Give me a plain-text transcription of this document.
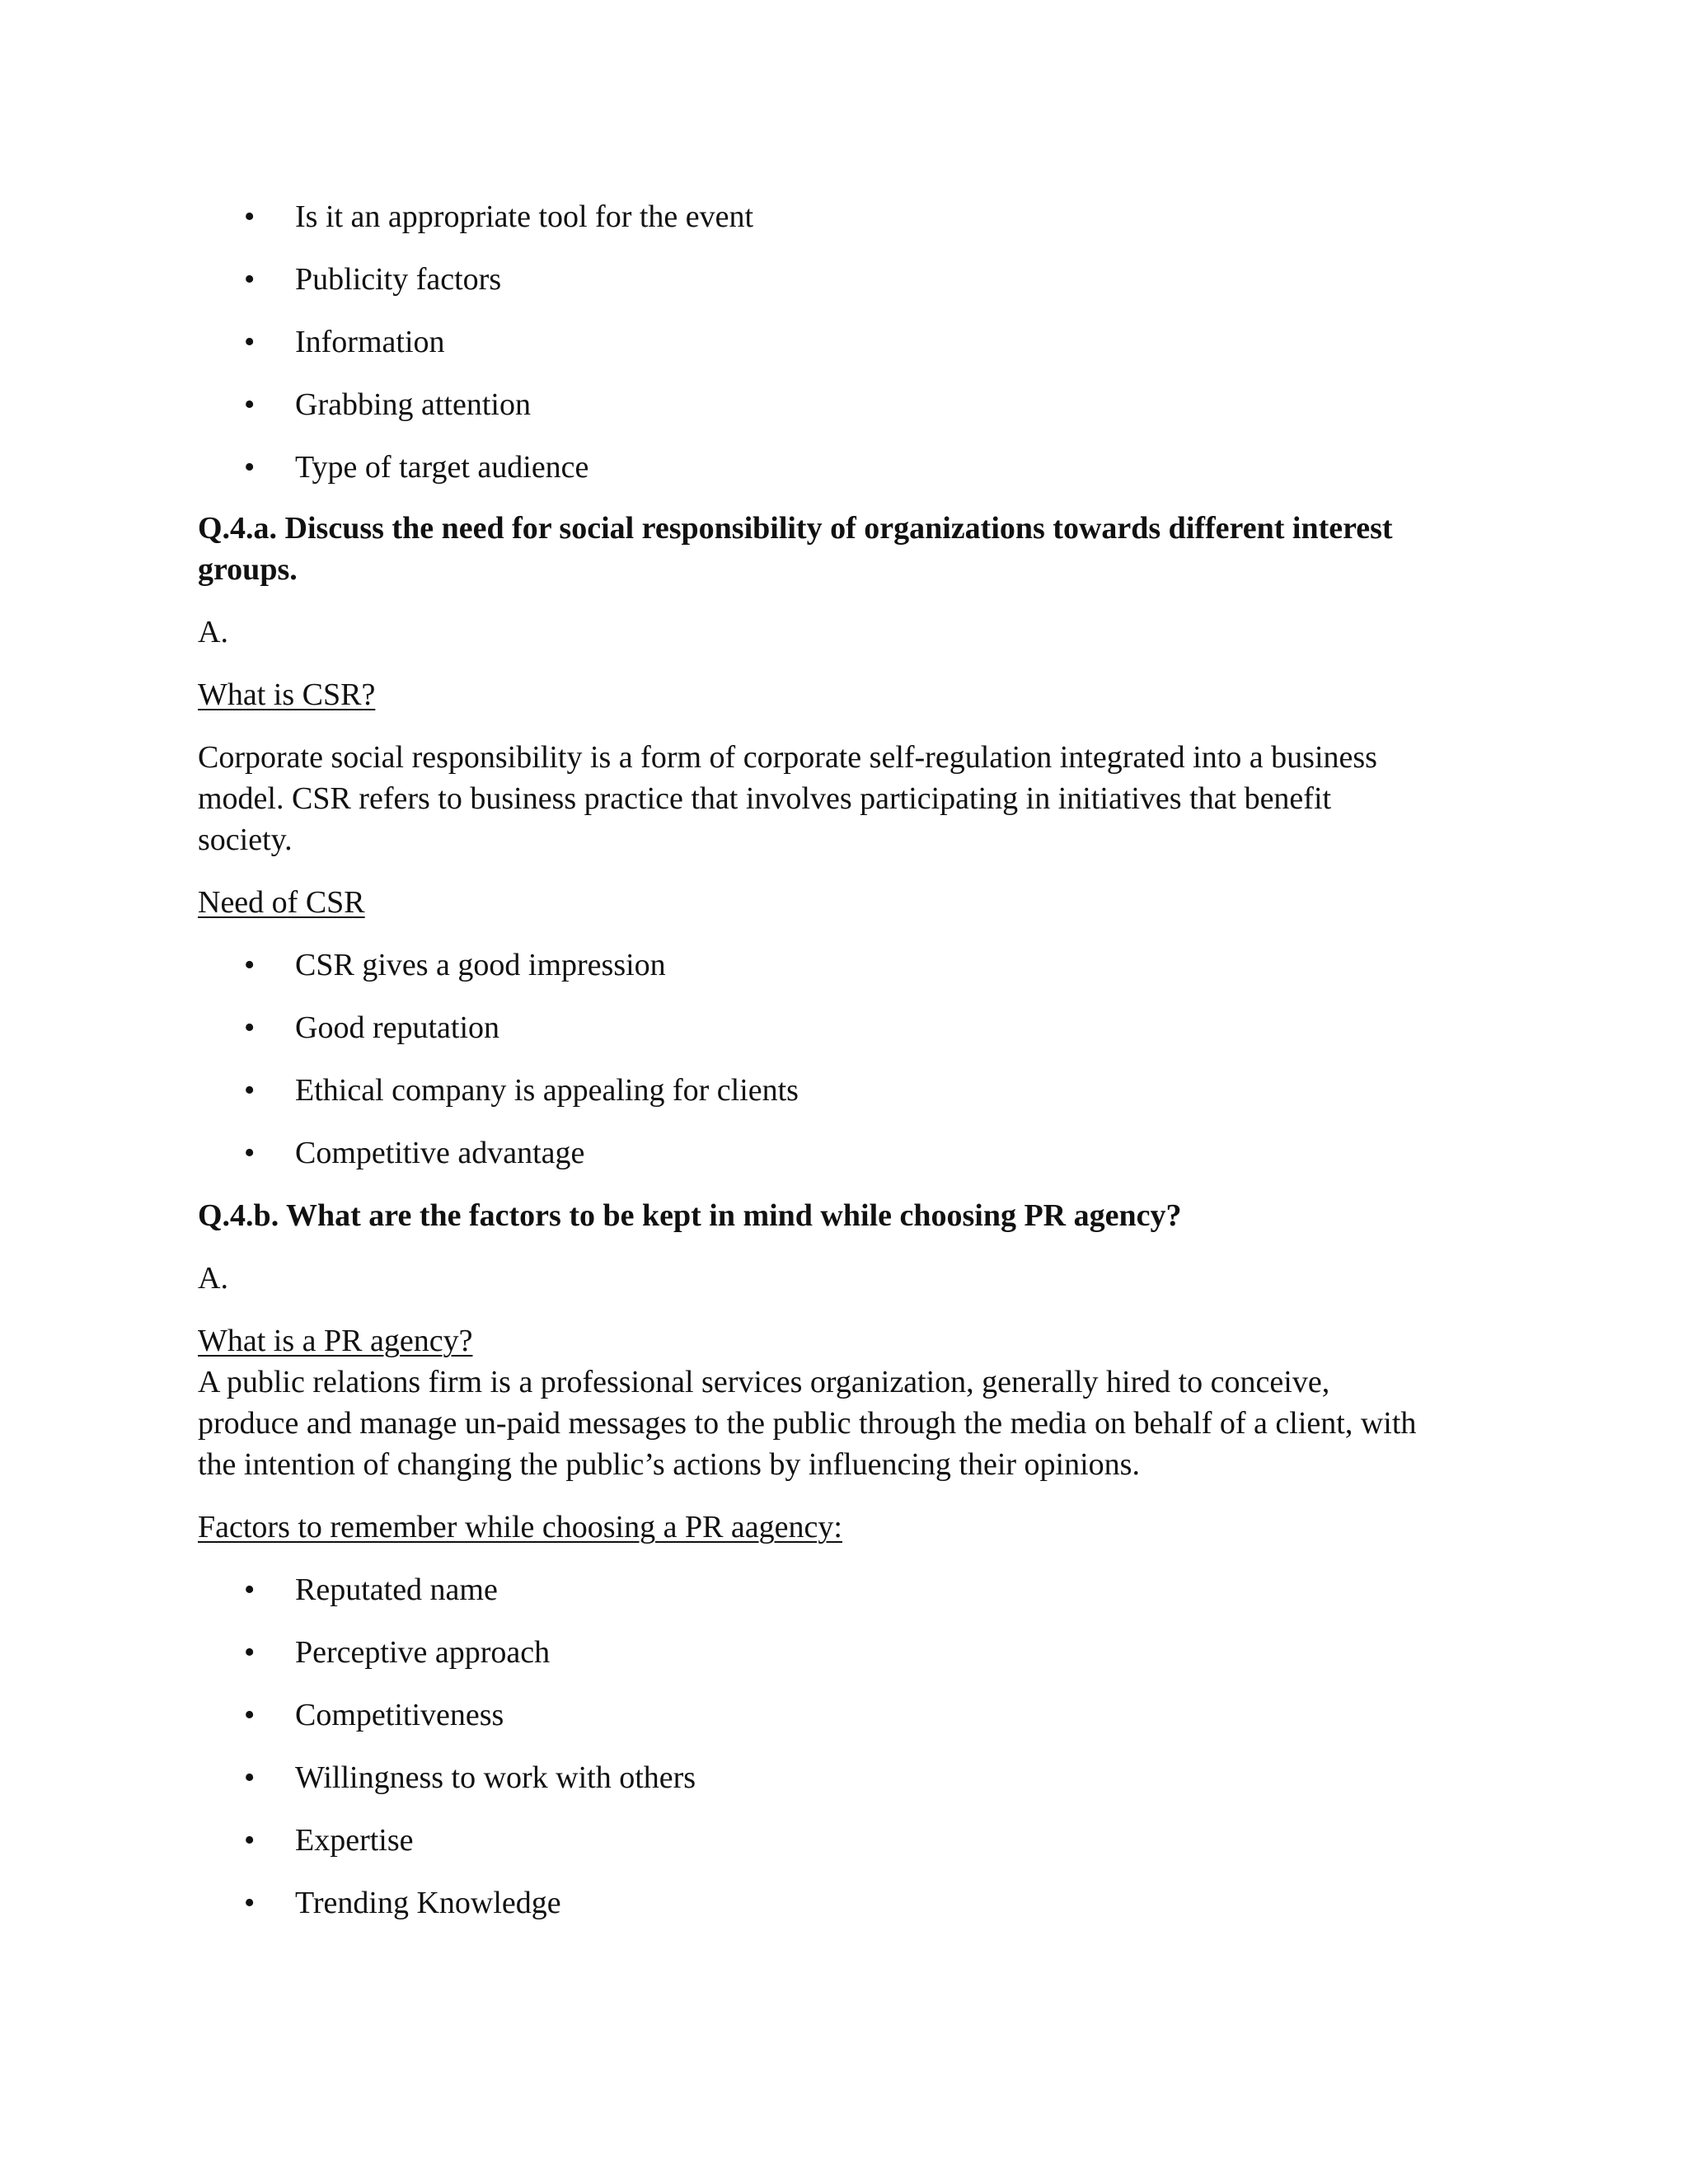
• Is it an appropriate tool for the event
• Publicity factors
• Information
• Grabbing attention
• Type of target audience
Q.4.a. Discuss the need for social responsibility of organizations towards different interest
groups.
A.
What is CSR?
Corporate social responsibility is a form of corporate self-regulation integrated into a business
model. CSR refers to business practice that involves participating in initiatives that benefit
society.
Need of CSR
• CSR gives a good impression
• Good reputation
• Ethical company is appealing for clients
• Competitive advantage
Q.4.b. What are the factors to be kept in mind while choosing PR agency?
A.
What is a PR agency?
A public relations firm is a professional services organization, generally hired to conceive,
produce and manage un-paid messages to the public through the media on behalf of a client, with
the intention of changing the public’s actions by influencing their opinions.
Factors to remember while choosing a PR aagency:
• Reputated name
• Perceptive approach
• Competitiveness
• Willingness to work with others
• Expertise
• Trending Knowledge
